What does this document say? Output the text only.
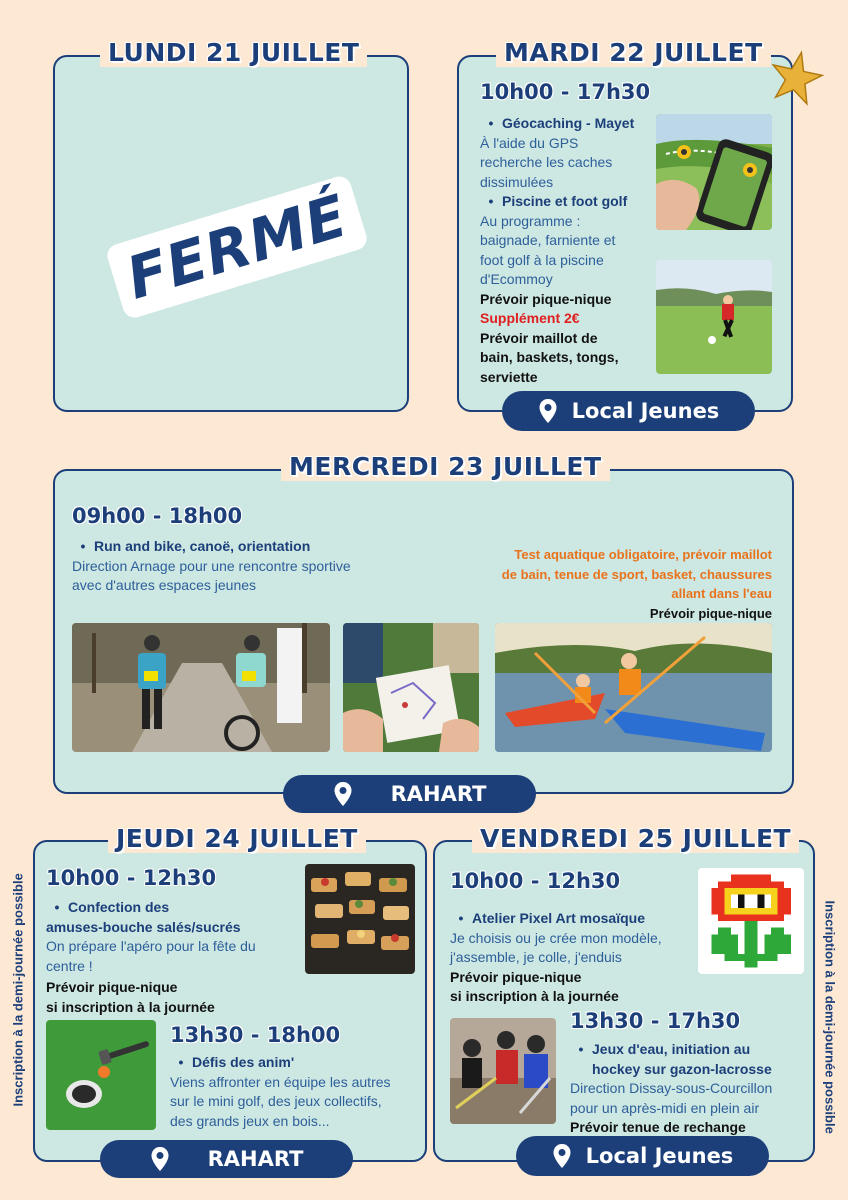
FERMÉ
LUNDI 21 JUILLET	MARDI 22 JUILLET
10h00 - 17h30
• Géocaching - Mayet
À l'aide du GPS
recherche les caches
dissimulées
• Piscine et foot golf
Au programme :
baignade, farniente et
foot golf à la piscine
d'Ecommoy
Prévoir pique-nique
Supplément 2€
Prévoir maillot de
bain, baskets, tongs,
serviette
Local Jeunes
MERCREDI 23 JUILLET
09h00 - 18h00
• Run and bike, canoë, orientation
Direction Arnage pour une rencontre sportive
avec d'autres espaces jeunes
Test aquatique obligatoire, prévoir maillot
de bain, tenue de sport, basket, chaussures
allant dans l'eau
Prévoir pique-nique
RAHART
Inscription à la demi-journée possible	Inscription à la demi-journée possible
JEUDI 24 JUILLET
10h00 - 12h30
• Confection des
amuses-bouche salés/sucrés
On prépare l'apéro pour la fête du
centre !
Prévoir pique-nique
si inscription à la journée
13h30 - 18h00
• Défis des anim'
Viens affronter en équipe les autres
sur le mini golf, des jeux collectifs,
des grands jeux en bois...
RAHART
VENDREDI 25 JUILLET
10h00 - 12h30
• Atelier Pixel Art mosaïque
Je choisis ou je crée mon modèle,
j'assemble, je colle, j'enduis
Prévoir pique-nique
si inscription à la journée
13h30 - 17h30
• Jeux d'eau, initiation au
hockey sur gazon-lacrosse
Direction Dissay-sous-Courcillon
pour un après-midi en plein air
Prévoir tenue de rechange
Local Jeunes
